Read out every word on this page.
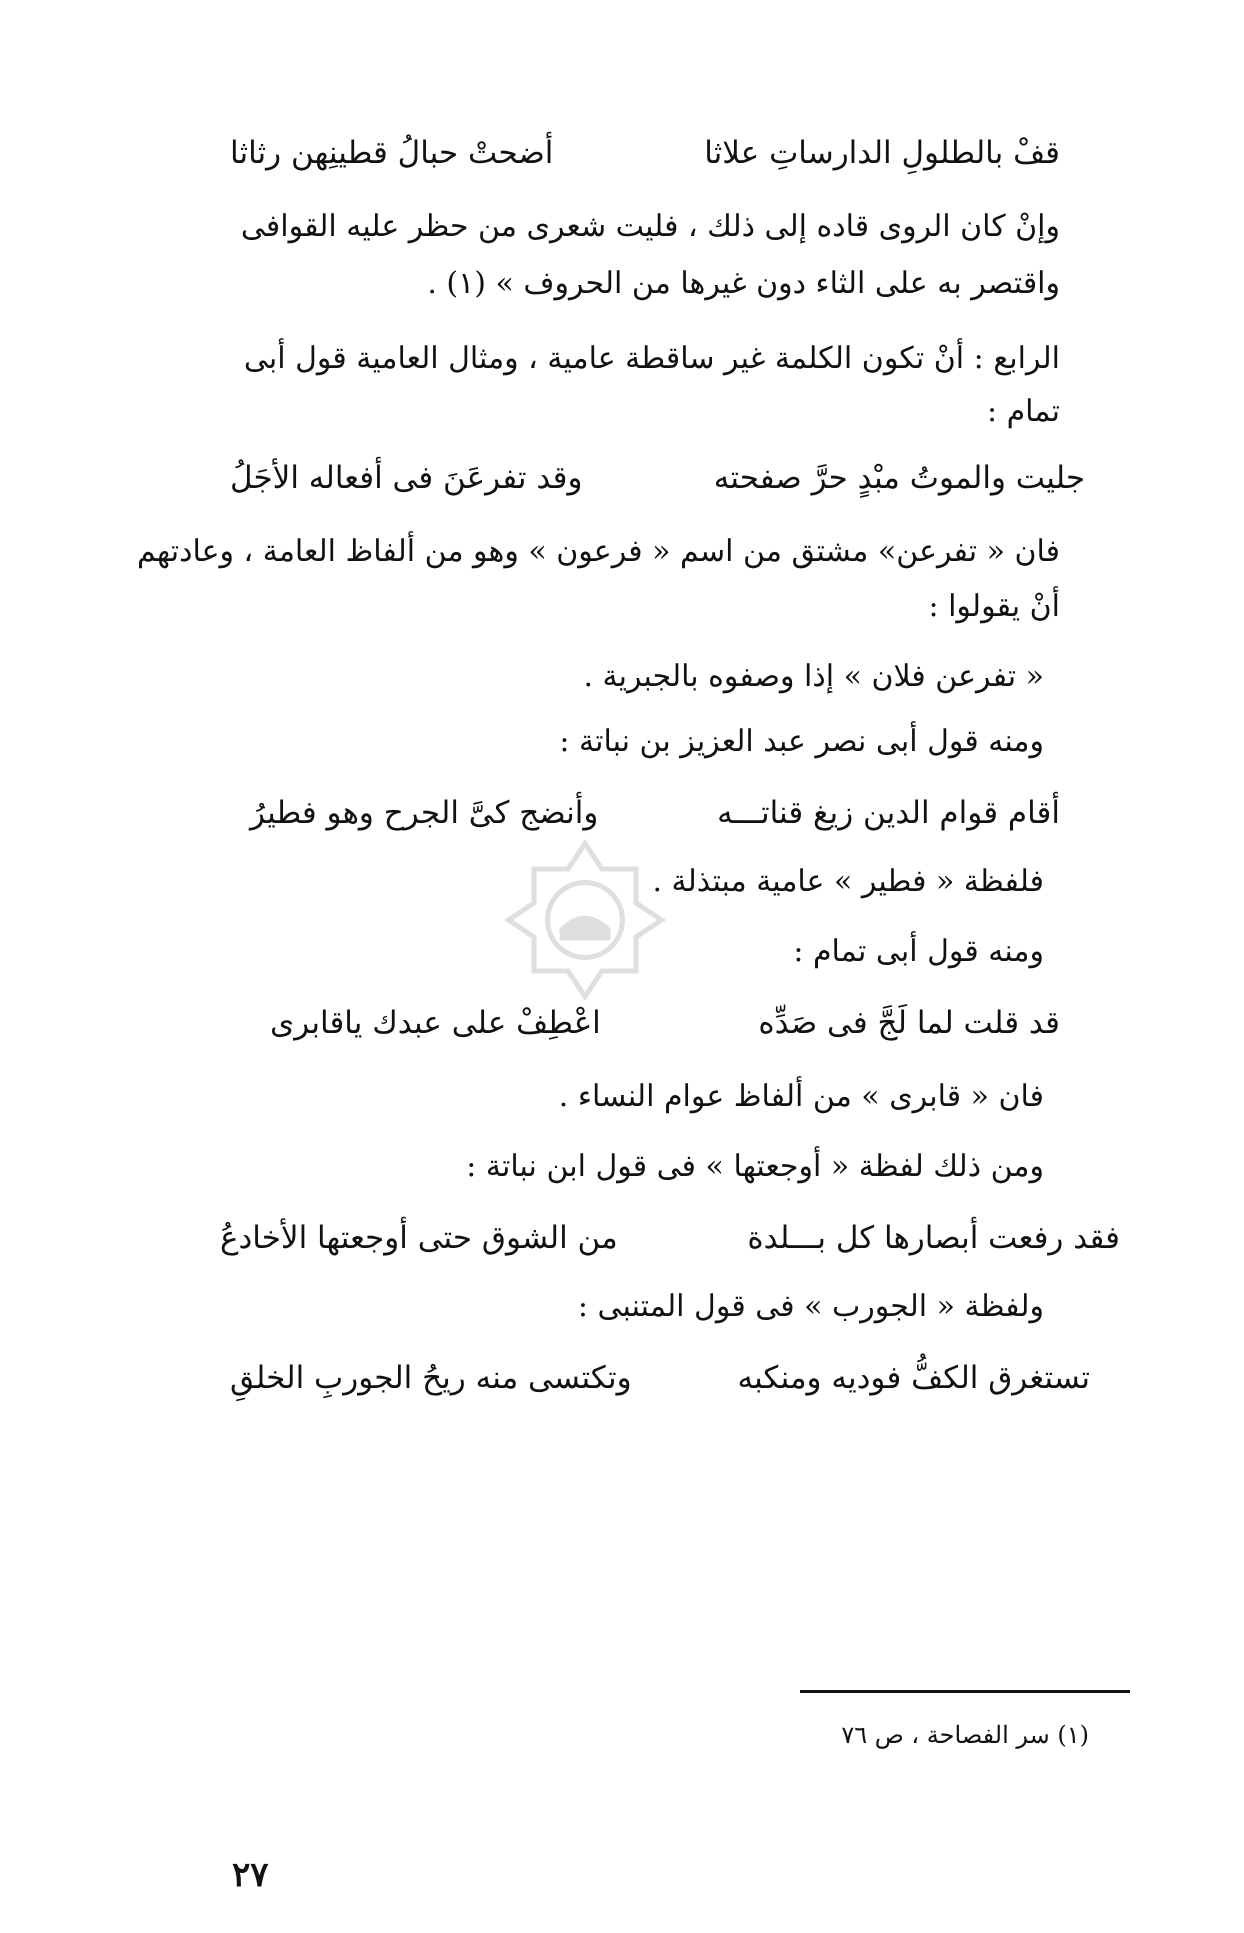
قفْ بالطلولِ الدارساتِ علاثا
أضحتْ حبالُ قطينِهن رثاثا
وإنْ كان الروى قاده إلى ذلك ، فليت شعرى من حظر عليه القوافى
واقتصر به على الثاء دون غيرها من الحروف » (١) .
الرابع : أنْ تكون الكلمة غير ساقطة عامية ، ومثال العامية قول أبى
تمام :
جليت والموتُ مبْدٍ حرَّ صفحته
وقد تفرعَنَ فى أفعاله الأجَلُ
فان « تفرعن» مشتق من اسم « فرعون » وهو من ألفاظ العامة ، وعادتهم
أنْ يقولوا :
« تفرعن فلان » إذا وصفوه بالجبرية .
ومنه قول أبى نصر عبد العزيز بن نباتة :
أقام قوام الدين زيغ قناتـــه
وأنضج كىَّ الجرح وهو فطيرُ
فلفظة « فطير » عامية مبتذلة .
ومنه قول أبى تمام :
قد قلت لما لَجَّ فى صَدِّه
اعْطِفْ على عبدك ياقابرى
فان « قابرى » من ألفاظ عوام النساء .
ومن ذلك لفظة « أوجعتها » فى قول ابن نباتة :
فقد رفعت أبصارها كل بـــلدة
من الشوق حتى أوجعتها الأخادعُ
ولفظة « الجورب » فى قول المتنبى :
تستغرق الكفُّ فوديه ومنكبه
وتكتسى منه ريحُ الجوربِ الخلقِ
(١) سر الفصاحة ، ص ٧٦
٢٧
